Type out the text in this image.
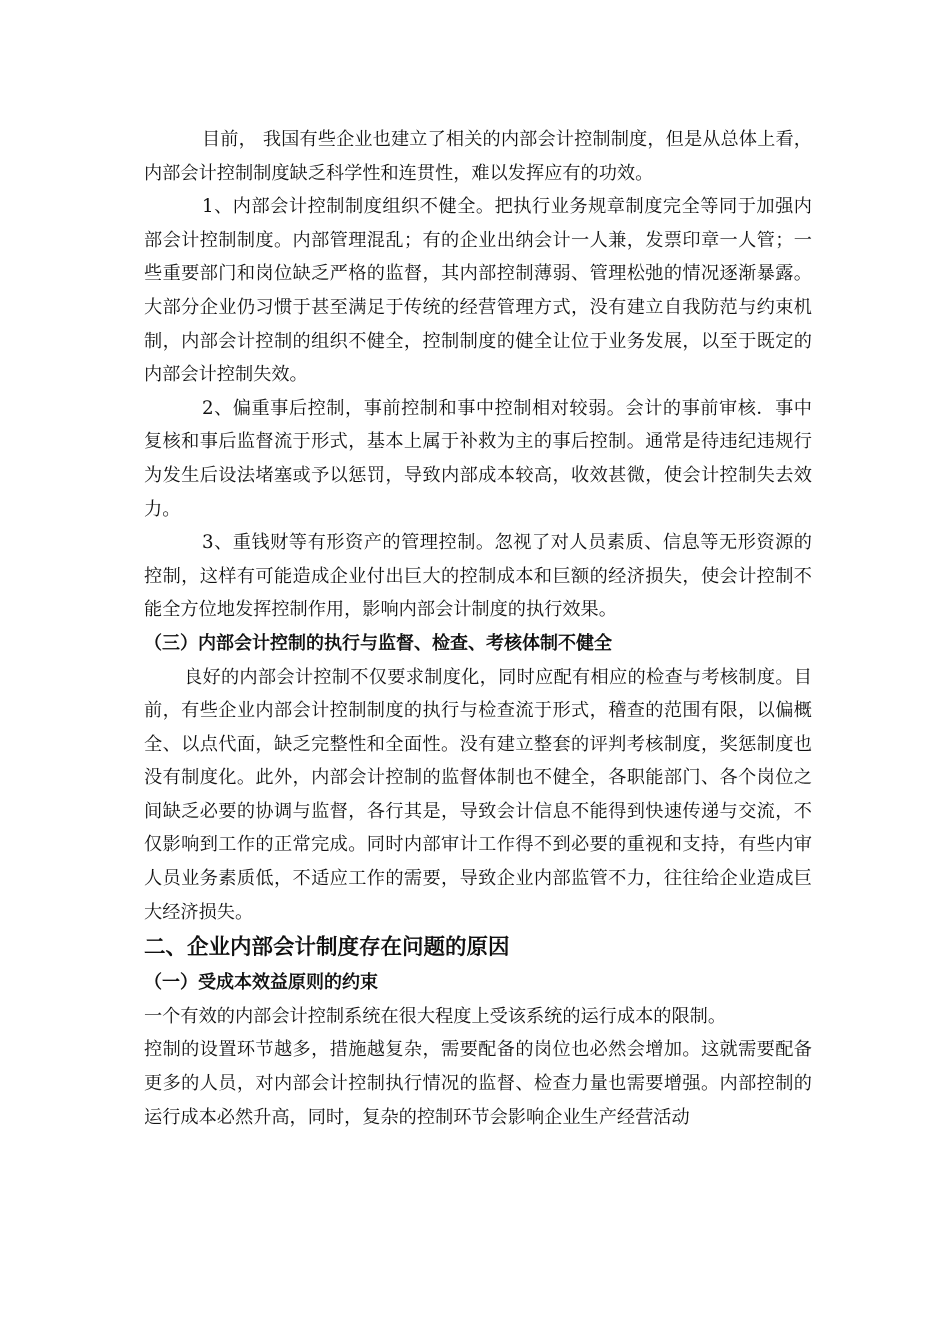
目前， 我国有些企业也建立了相关的内部会计控制制度，但是从总体上看，内部会计控制制度缺乏科学性和连贯性，难以发挥应有的功效。

1、内部会计控制制度组织不健全。把执行业务规章制度完全等同于加强内部会计控制制度。内部管理混乱；有的企业出纳会计一人兼，发票印章一人管；一些重要部门和岗位缺乏严格的监督，其内部控制薄弱、管理松弛的情况逐渐暴露。大部分企业仍习惯于甚至满足于传统的经营管理方式，没有建立自我防范与约束机制，内部会计控制的组织不健全，控制制度的健全让位于业务发展，以至于既定的内部会计控制失效。

2、偏重事后控制，事前控制和事中控制相对较弱。会计的事前审核．事中复核和事后监督流于形式，基本上属于补救为主的事后控制。通常是待违纪违规行为发生后设法堵塞或予以惩罚，导致内部成本较高，收效甚微，使会计控制失去效力。

3、重钱财等有形资产的管理控制。忽视了对人员素质、信息等无形资源的控制，这样有可能造成企业付出巨大的控制成本和巨额的经济损失，使会计控制不能全方位地发挥控制作用，影响内部会计制度的执行效果。

（三）内部会计控制的执行与监督、检查、考核体制不健全

良好的内部会计控制不仅要求制度化，同时应配有相应的检查与考核制度。目前，有些企业内部会计控制制度的执行与检查流于形式，稽查的范围有限，以偏概全、以点代面，缺乏完整性和全面性。没有建立整套的评判考核制度，奖惩制度也没有制度化。此外，内部会计控制的监督体制也不健全，各职能部门、各个岗位之间缺乏必要的协调与监督，各行其是，导致会计信息不能得到快速传递与交流，不仅影响到工作的正常完成。同时内部审计工作得不到必要的重视和支持，有些内审人员业务素质低，不适应工作的需要，导致企业内部监管不力，往往给企业造成巨大经济损失。

二、企业内部会计制度存在问题的原因

（一）受成本效益原则的约束

一个有效的内部会计控制系统在很大程度上受该系统的运行成本的限制。

控制的设置环节越多，措施越复杂，需要配备的岗位也必然会增加。这就需要配备更多的人员，对内部会计控制执行情况的监督、检查力量也需要增强。内部控制的运行成本必然升高，同时，复杂的控制环节会影响企业生产经营活动
